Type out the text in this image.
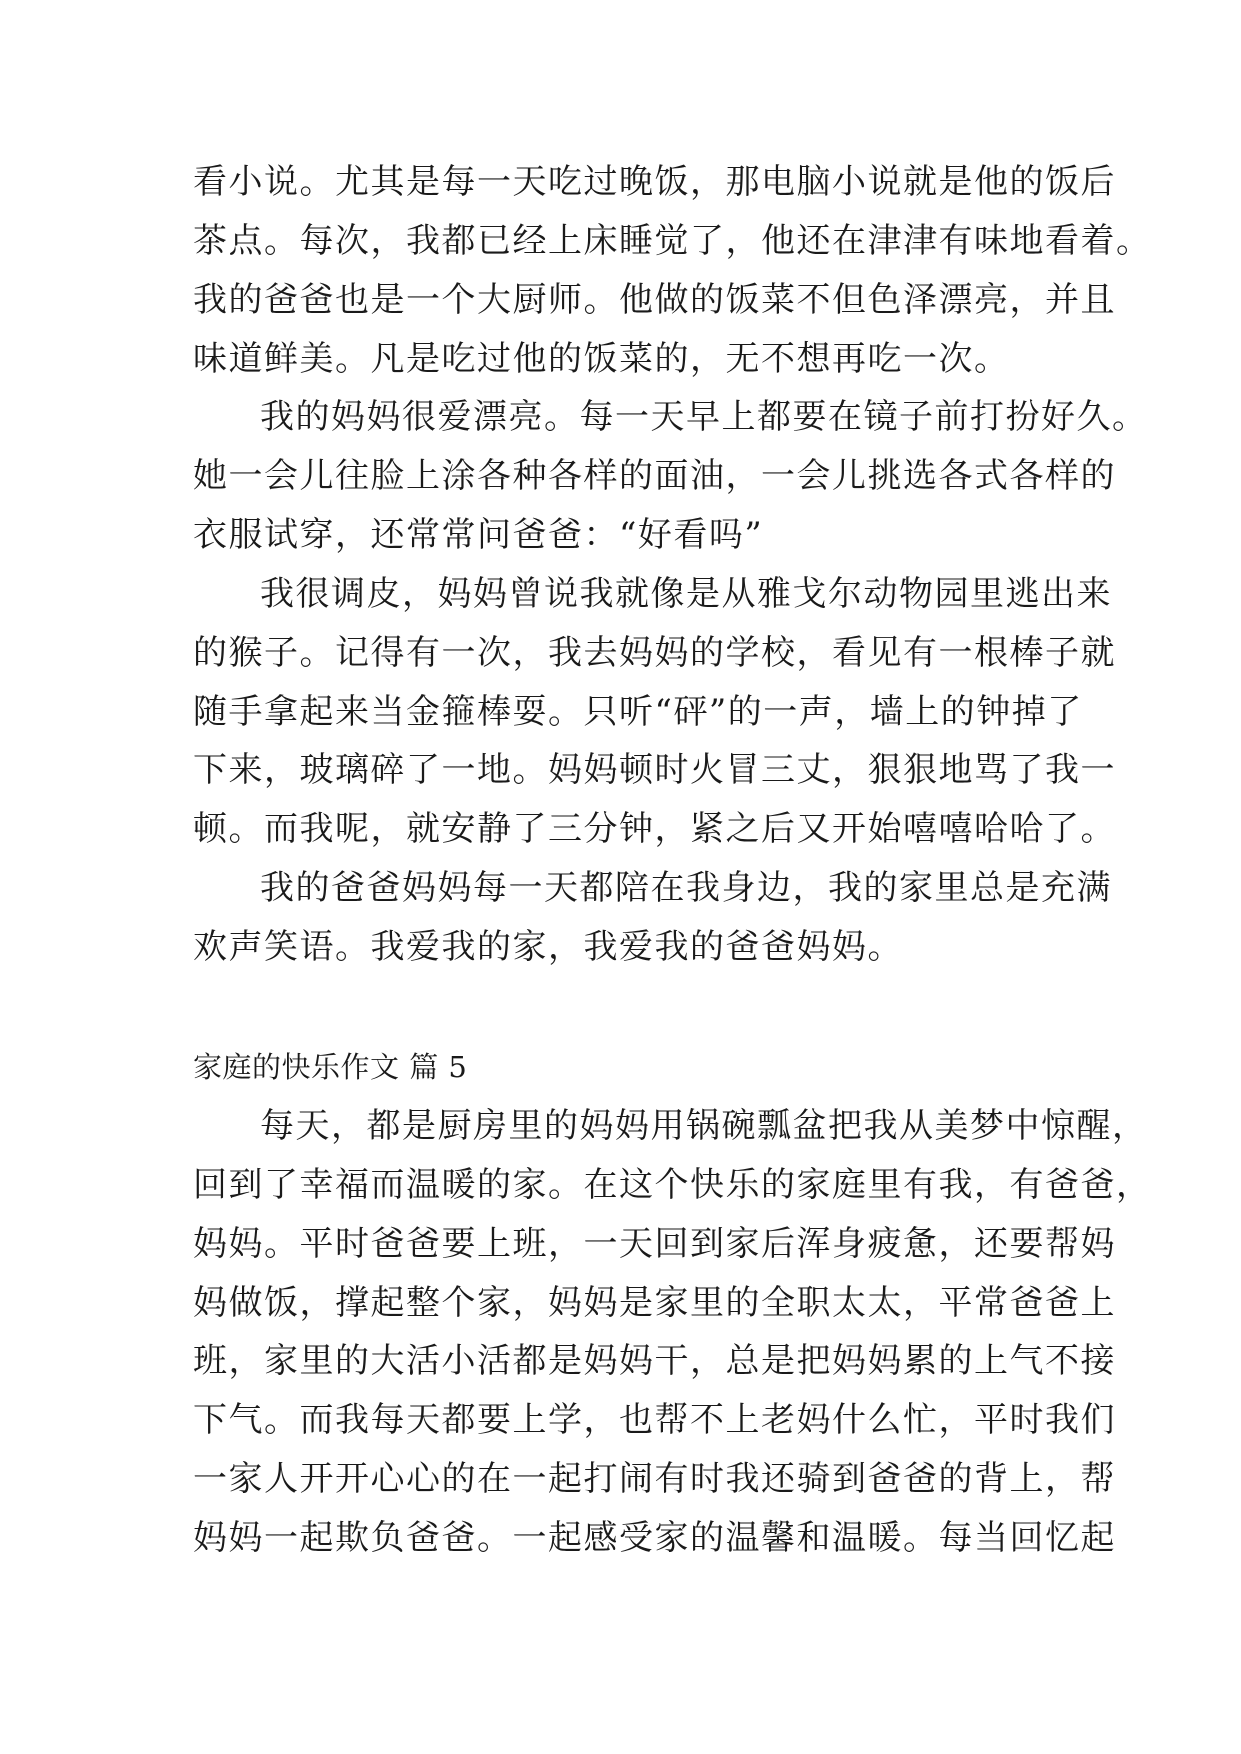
看小说。尤其是每一天吃过晚饭，那电脑小说就是他的饭后
茶点。每次，我都已经上床睡觉了，他还在津津有味地看着。
我的爸爸也是一个大厨师。他做的饭菜不但色泽漂亮，并且
味道鲜美。凡是吃过他的饭菜的，无不想再吃一次。
我的妈妈很爱漂亮。每一天早上都要在镜子前打扮好久。
她一会儿往脸上涂各种各样的面油，一会儿挑选各式各样的
衣服试穿，还常常问爸爸：“好看吗”
我很调皮，妈妈曾说我就像是从雅戈尔动物园里逃出来
的猴子。记得有一次，我去妈妈的学校，看见有一根棒子就
随手拿起来当金箍棒耍。只听“砰”的一声，墙上的钟掉了
下来，玻璃碎了一地。妈妈顿时火冒三丈，狠狠地骂了我一
顿。而我呢，就安静了三分钟，紧之后又开始嘻嘻哈哈了。
我的爸爸妈妈每一天都陪在我身边，我的家里总是充满
欢声笑语。我爱我的家，我爱我的爸爸妈妈。
家庭的快乐作文 篇 5
每天，都是厨房里的妈妈用锅碗瓢盆把我从美梦中惊醒，
回到了幸福而温暖的家。在这个快乐的家庭里有我，有爸爸，
妈妈。平时爸爸要上班，一天回到家后浑身疲惫，还要帮妈
妈做饭，撑起整个家，妈妈是家里的全职太太，平常爸爸上
班，家里的大活小活都是妈妈干，总是把妈妈累的上气不接
下气。而我每天都要上学，也帮不上老妈什么忙，平时我们
一家人开开心心的在一起打闹有时我还骑到爸爸的背上，帮
妈妈一起欺负爸爸。一起感受家的温馨和温暖。每当回忆起
